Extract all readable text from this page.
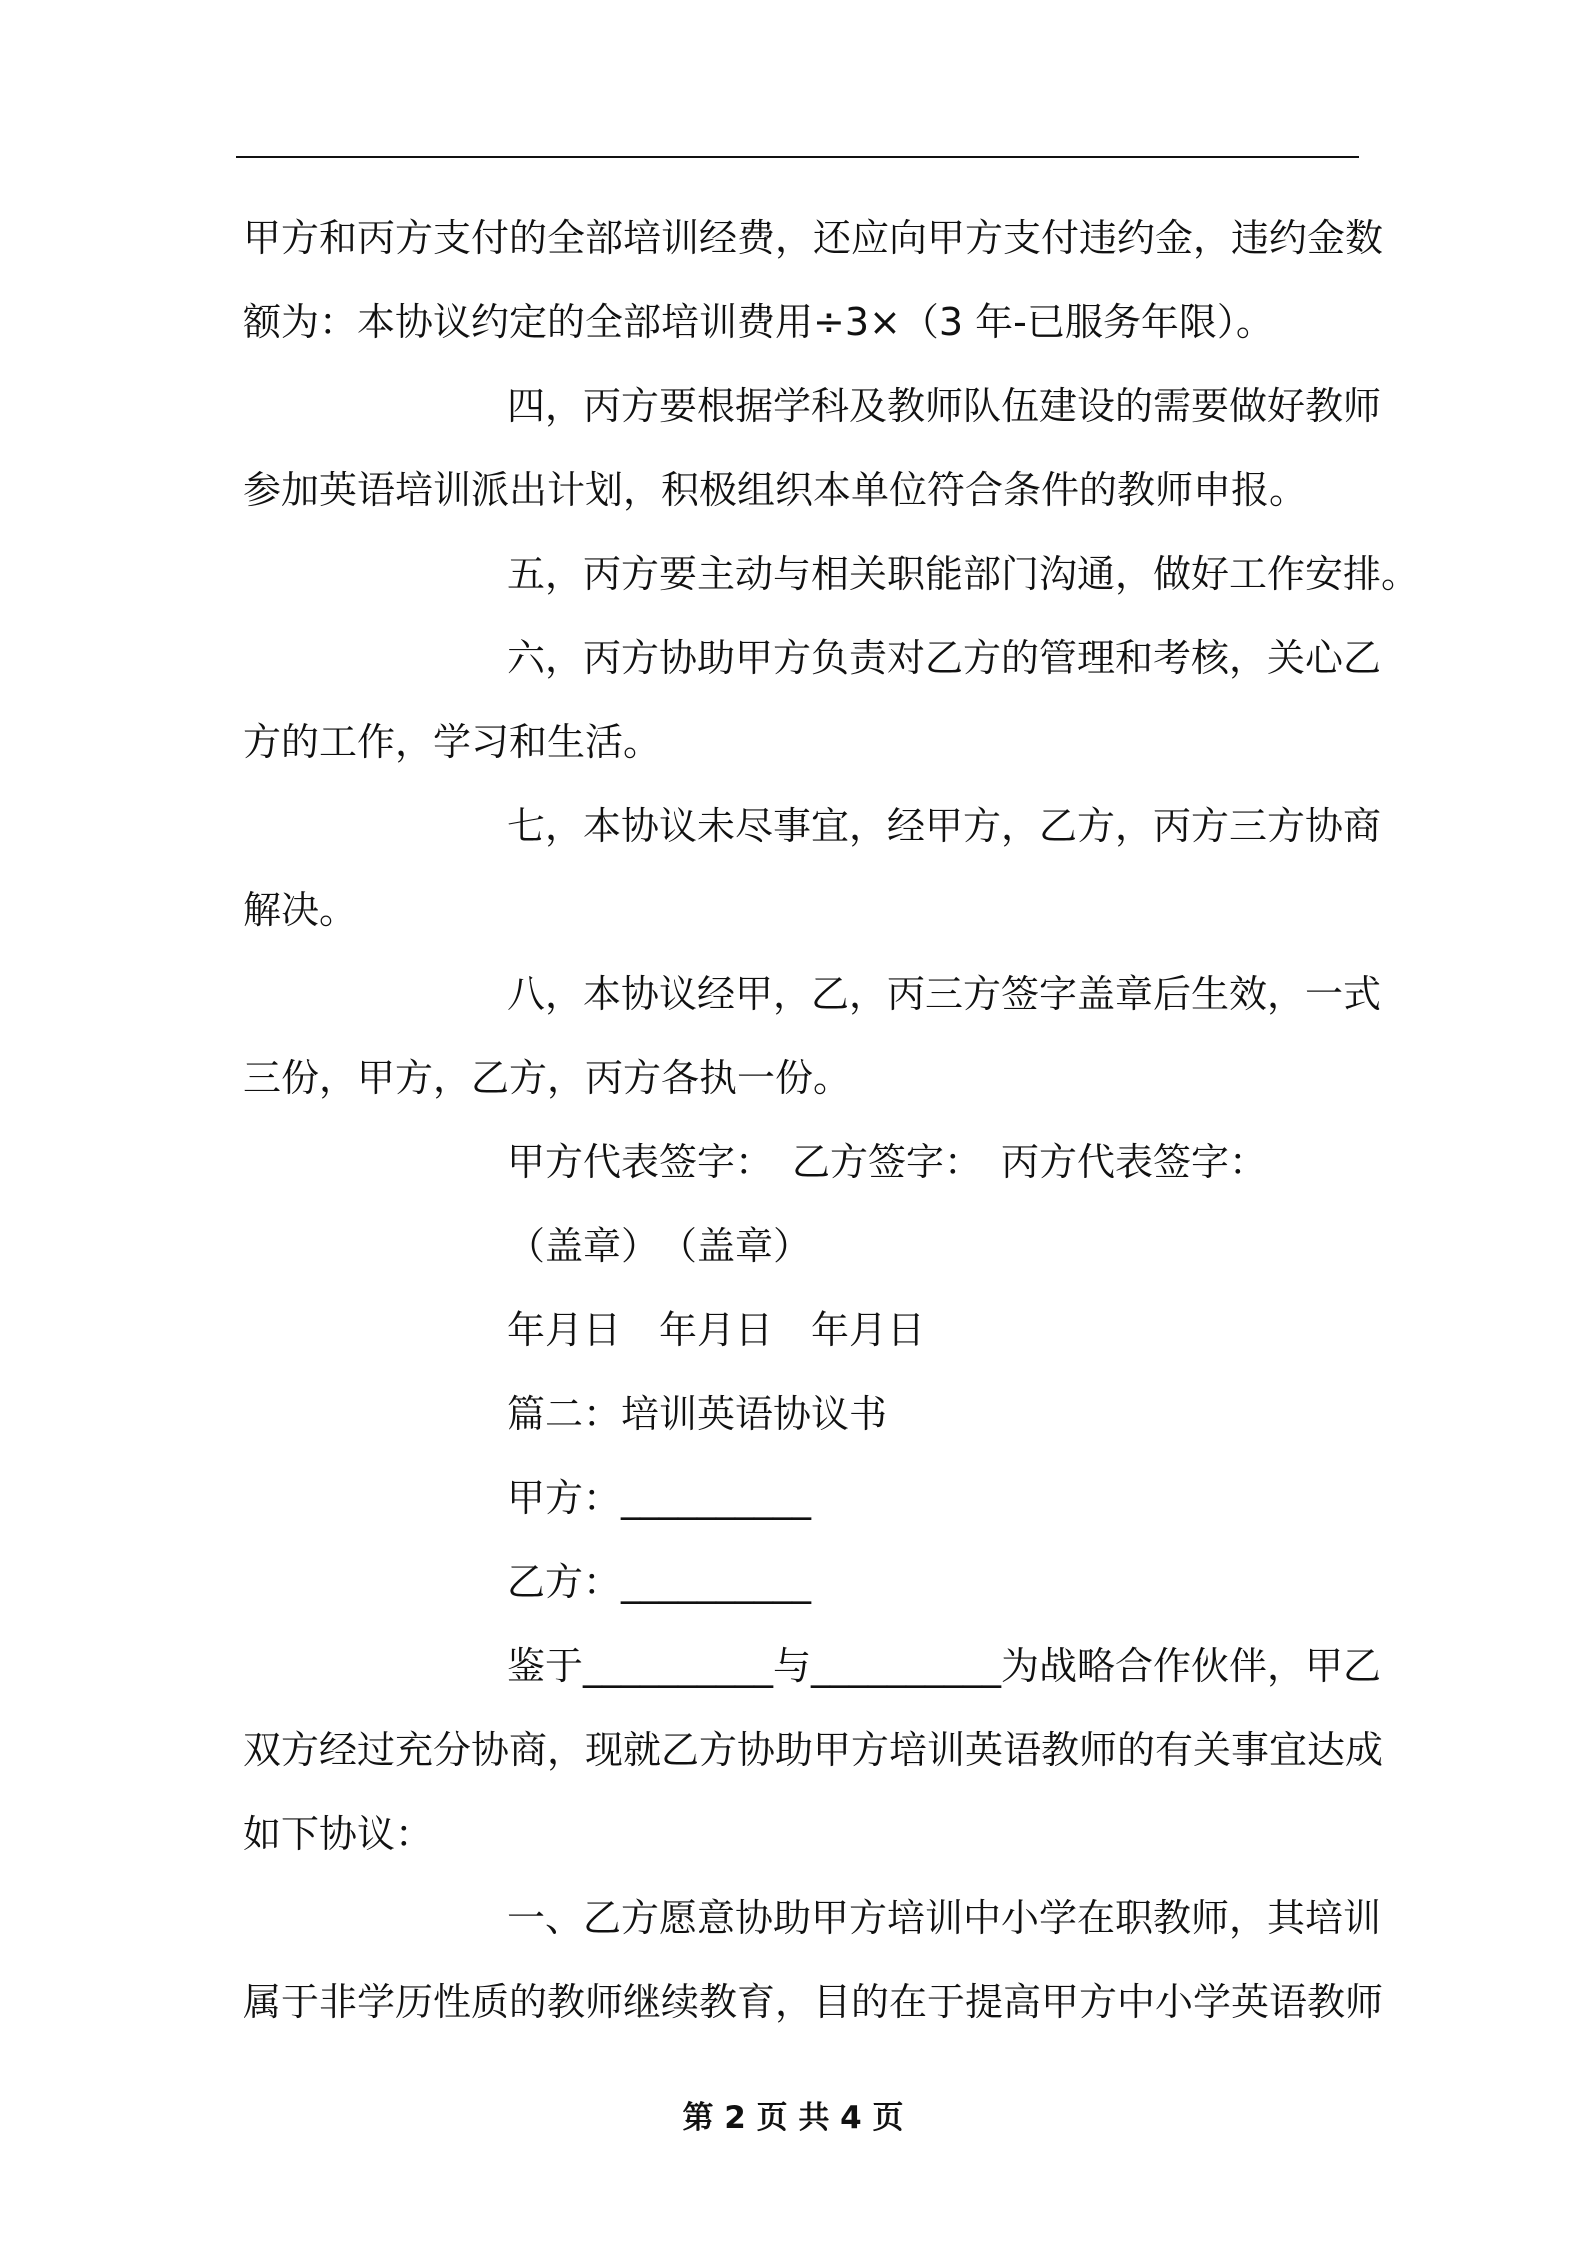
甲方和丙方支付的全部培训经费，还应向甲方支付违约金，违约金数
额为：本协议约定的全部培训费用÷3×（3 年-已服务年限）。
四，丙方要根据学科及教师队伍建设的需要做好教师
参加英语培训派出计划，积极组织本单位符合条件的教师申报。
五，丙方要主动与相关职能部门沟通，做好工作安排。
六，丙方协助甲方负责对乙方的管理和考核，关心乙
方的工作，学习和生活。
七，本协议未尽事宜，经甲方，乙方，丙方三方协商
解决。
八，本协议经甲，乙，丙三方签字盖章后生效，一式
三份，甲方，乙方，丙方各执一份。
甲方代表签字：　乙方签字：　丙方代表签字：
（盖章）　（盖章）
年月日　年月日　年月日
篇二：培训英语协议书
甲方：__________
乙方：__________
鉴于__________与__________为战略合作伙伴，甲乙
双方经过充分协商，现就乙方协助甲方培训英语教师的有关事宜达成
如下协议：
一、乙方愿意协助甲方培训中小学在职教师，其培训
属于非学历性质的教师继续教育，目的在于提高甲方中小学英语教师
第 2 页 共 4 页
